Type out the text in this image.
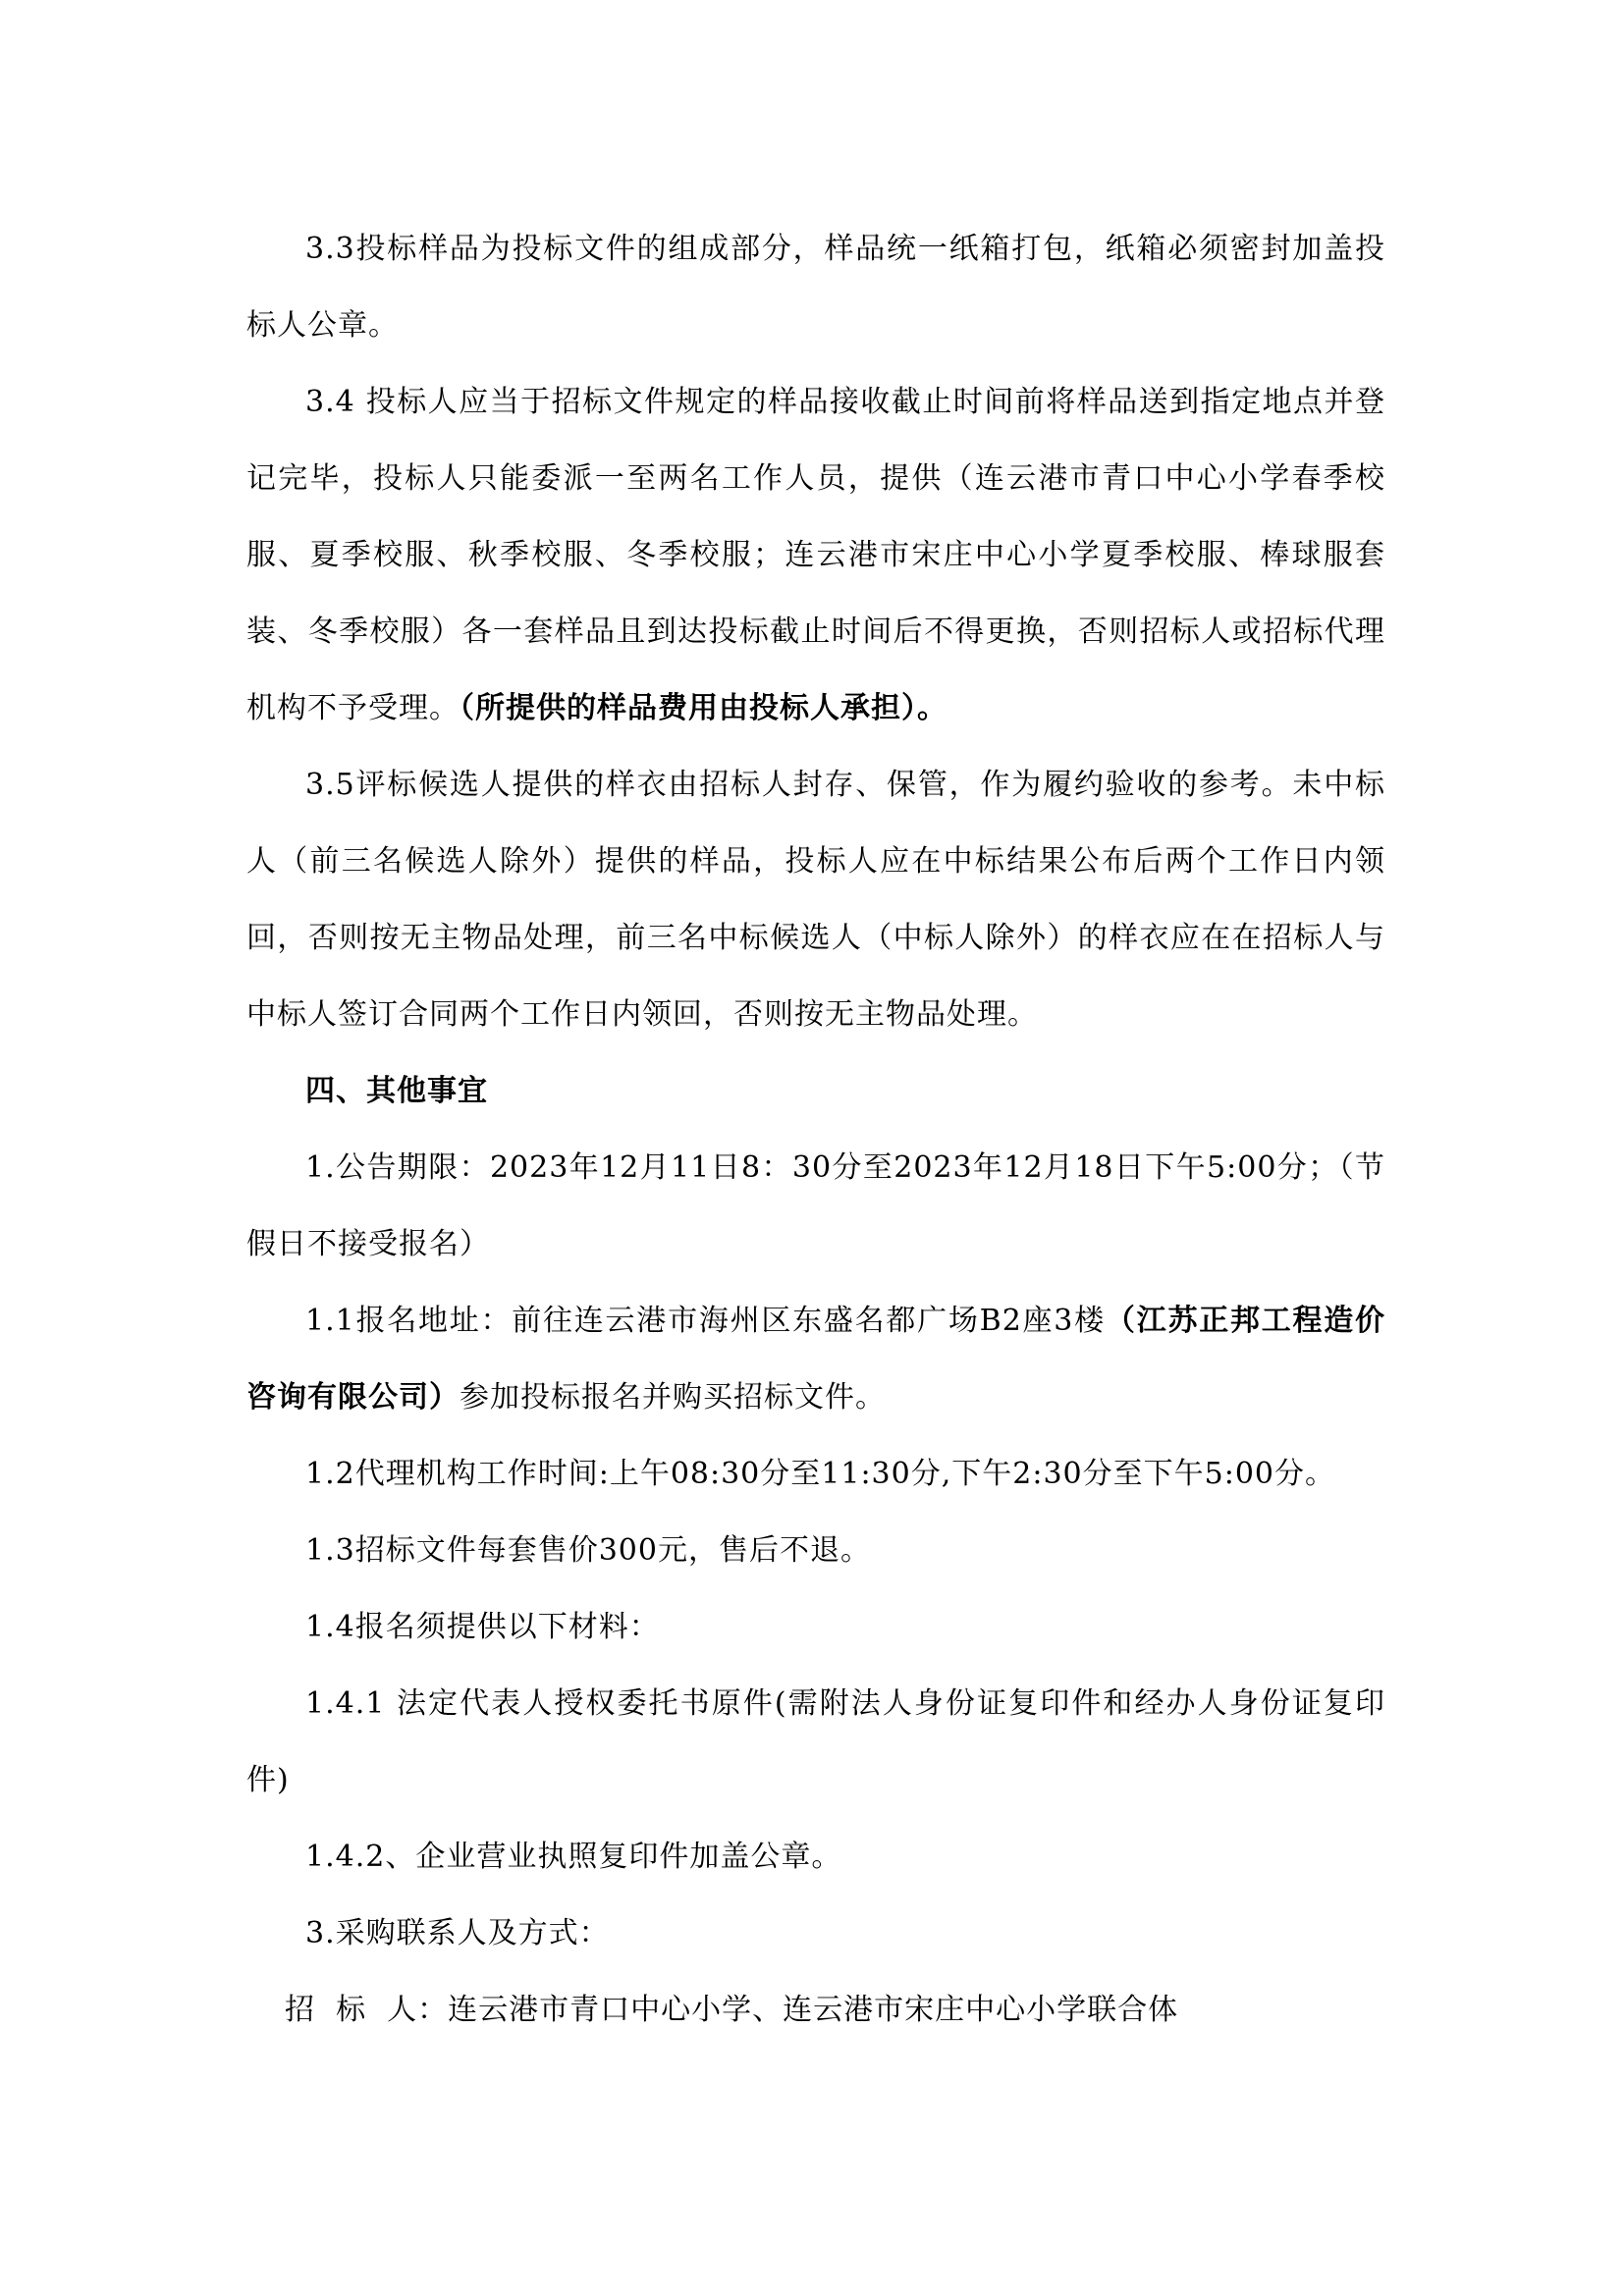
3.3投标样品为投标文件的组成部分，样品统一纸箱打包，纸箱必须密封加盖投标人公章。

3.4 投标人应当于招标文件规定的样品接收截止时间前将样品送到指定地点并登记完毕，投标人只能委派一至两名工作人员，提供（连云港市青口中心小学春季校服、夏季校服、秋季校服、冬季校服；连云港市宋庄中心小学夏季校服、棒球服套装、冬季校服）各一套样品且到达投标截止时间后不得更换，否则招标人或招标代理机构不予受理。（所提供的样品费用由投标人承担）。

3.5评标候选人提供的样衣由招标人封存、保管，作为履约验收的参考。未中标人（前三名候选人除外）提供的样品，投标人应在中标结果公布后两个工作日内领回，否则按无主物品处理，前三名中标候选人（中标人除外）的样衣应在在招标人与中标人签订合同两个工作日内领回，否则按无主物品处理。

四、其他事宜

1.公告期限：2023年12月11日8：30分至2023年12月18日下午5:00分；（节假日不接受报名）

1.1报名地址：前往连云港市海州区东盛名都广场B2座3楼（江苏正邦工程造价咨询有限公司）参加投标报名并购买招标文件。

1.2代理机构工作时间:上午08:30分至11:30分,下午2:30分至下午5:00分。

1.3招标文件每套售价300元，售后不退。

1.4报名须提供以下材料：

1.4.1 法定代表人授权委托书原件(需附法人身份证复印件和经办人身份证复印件)

1.4.2、企业营业执照复印件加盖公章。

3.采购联系人及方式：

招  标  人：连云港市青口中心小学、连云港市宋庄中心小学联合体
